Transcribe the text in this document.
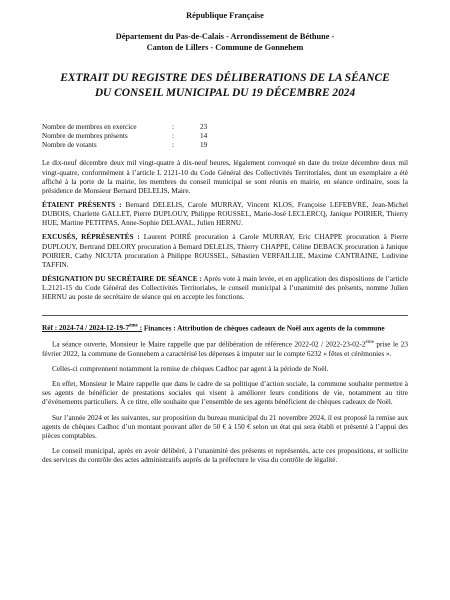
République Française

Département du Pas-de-Calais - Arrondissement de Béthune -
Canton de Lillers - Commune de Gonnehem
EXTRAIT DU REGISTRE DES DÉLIBERATIONS DE LA SÉANCE
DU CONSEIL MUNICIPAL DU 19 DÉCEMBRE 2024
Nombre de membres en exercice	:	23
Nombre de membres présents	:	14
Nombre de votants	:	19

Le dix-neuf décembre deux mil vingt-quatre à dix-neuf heures, légalement convoqué en date du treize décembre deux mil vingt-quatre, conformément à l’article L 2121-10 du Code Général des Collectivités Territoriales, dont un exemplaire a été affiché à la porte de la mairie, les membres du conseil municipal se sont réunis en mairie, en séance ordinaire, sous la présidence de Monsieur Bernard DELELIS, Maire.

ÉTAIENT PRÉSENTS : Bernard DELELIS, Carole MURRAY, Vincent KLOS, Françoise LEFEBVRE, Jean-Michel DUBOIS, Charlette GALLET, Pierre DUPLOUY, Philippe ROUSSEL, Marie-José LECLERCQ, Janique POIRIER, Thierry HUE, Martine PETITPAS, Anne-Sophie DELAVAL, Julien HERNU.

EXCUSÉS, RÉPRÉSENTÉS : Laurent POIRÉ procuration à Carole MURRAY, Eric CHAPPE procuration à Pierre DUPLOUY, Bertrand DELORY procuration à Bernard DELELIS, Thierry CHAPPE, Céline DEBACK procuration à Janique POIRIER, Cathy NICUTA procuration à Philippe ROUSSEL, Sébastien VERFAILLIE, Maxime CANTRAINE, Ludivine TAFFIN.

DÉSIGNATION DU SECRÉTAIRE DE SÉANCE : Après vote à main levée, et en application des dispositions de l’article L.2121-15 du Code Général des Collectivités Territoriales, le conseil municipal à l’unanimité des présents, nomme Julien HERNU au poste de secrétaire de séance qui en accepte les fonctions.

Réf : 2024-74 / 2024-12-19-7ème : Finances : Attribution de chèques cadeaux de Noël aux agents de la commune

La séance ouverte, Monsieur le Maire rappelle que par délibération de référence 2022-02 / 2022-23-02-2ème prise le 23 février 2022, la commune de Gonnehem a caractérisé les dépenses à imputer sur le compte 6232 « fêtes et cérémonies ».

Celles-ci comprennent notamment la remise de chèques Cadhoc par agent à la période de Noël.

En effet, Monsieur le Maire rappelle que dans le cadre de sa politique d’action sociale, la commune souhaite permettre à ses agents de bénéficier de prestations sociales qui visent à améliorer leurs conditions de vie, notamment au titre d’événements particuliers. À ce titre, elle souhaite que l’ensemble de ses agents bénéficient de chèques cadeaux de Noël.

Sur l’année 2024 et les suivantes, sur proposition du bureau municipal du 21 novembre 2024, il est proposé la remise aux agents de chèques Cadhoc d’un montant pouvant aller de 50 € à 150 € selon un état qui sera établi et présenté à l’appui des pièces comptables.

Le conseil municipal, après en avoir délibéré, à l’unanimité des présents et représentés, acte ces propositions, et sollicite des services du contrôle des actes administratifs auprès de la préfecture le visa du contrôle de légalité.
